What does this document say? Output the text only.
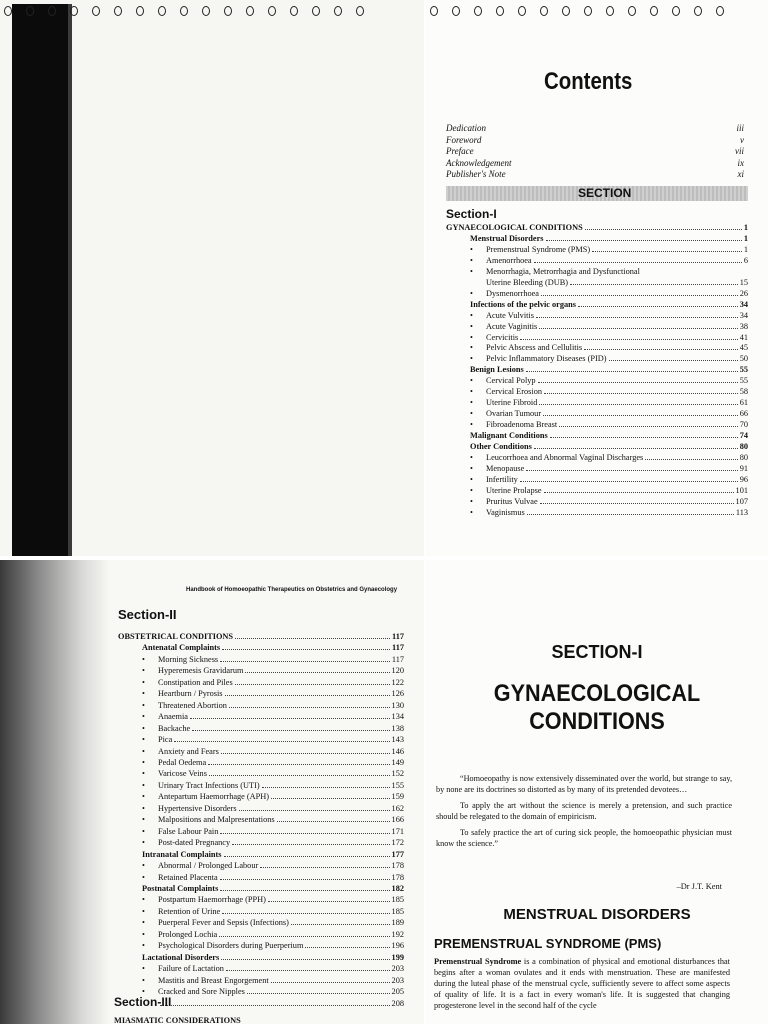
Contents
Dedication	iii
Foreword	v
Preface	vii
Acknowledgement	ix
Publisher's Note	xi
SECTION
Section-I
GYNAECOLOGICAL CONDITIONS	1
Menstrual Disorders	1
• Premenstrual Syndrome (PMS)	1
• Amenorrhoea	6
• Menorrhagia, Metrorrhagia and Dysfunctional
Uterine Bleeding (DUB)	15
• Dysmenorrhoea	26
Infections of the pelvic organs	34
• Acute Vulvitis	34
• Acute Vaginitis	38
• Cervicitis	41
• Pelvic Abscess and Cellulitis	45
• Pelvic Inflammatory Diseases (PID)	50
Benign Lesions	55
• Cervical Polyp	55
• Cervical Erosion	58
• Uterine Fibroid	61
• Ovarian Tumour	66
• Fibroadenoma Breast	70
Malignant Conditions	74
Other Conditions	80
• Leucorrhoea and Abnormal Vaginal Discharges	80
• Menopause	91
• Infertility	96
• Uterine Prolapse	101
• Pruritus Vulvae	107
• Vaginismus	113
Handbook of Homoeopathic Therapeutics on Obstetrics and Gynaecology
Section-II
OBSTETRICAL CONDITIONS	117
Antenatal Complaints	117
• Morning Sickness	117
• Hyperemesis Gravidarum	120
• Constipation and Piles	122
• Heartburn / Pyrosis	126
• Threatened Abortion	130
• Anaemia	134
• Backache	138
• Pica	143
• Anxiety and Fears	146
• Pedal Oedema	149
• Varicose Veins	152
• Urinary Tract Infections (UTI)	155
• Antepartum Haemorrhage (APH)	159
• Hypertensive Disorders	162
• Malpositions and Malpresentations	166
• False Labour Pain	171
• Post-dated Pregnancy	172
Intranatal Complaints	177
• Abnormal / Prolonged Labour	178
• Retained Placenta	178
Postnatal Complaints	182
• Postpartum Haemorrhage (PPH)	185
• Retention of Urine	185
• Puerperal Fever and Sepsis (Infections)	189
• Prolonged Lochia	192
• Psychological Disorders during Puerperium	196
Lactational Disorders	199
• Failure of Lactation	203
• Mastitis and Breast Engorgement	203
• Cracked and Sore Nipples	205
208
Section-III
MIASMATIC CONSIDERATIONS
SECTION-I
GYNAECOLOGICAL
CONDITIONS

“Homoeopathy is now extensively disseminated over the world, but strange to say, by none are its doctrines so distorted as by many of its pretended devotees…

To apply the art without the science is merely a pretension, and such practice should be relegated to the domain of empiricism.

To safely practice the art of curing sick people, the homoeopathic physician must know the science.”

–Dr J.T. Kent
MENSTRUAL DISORDERS
PREMENSTRUAL SYNDROME (PMS)
Premenstrual Syndrome is a combination of physical and emotional disturbances that begins after a woman ovulates and it ends with menstruation. These are manifested during the luteal phase of the menstrual cycle, sufficiently severe to affect some aspects of quality of life. It is a fact in every woman's life. It is suggested that changing progesterone level in the second half of the cycle
